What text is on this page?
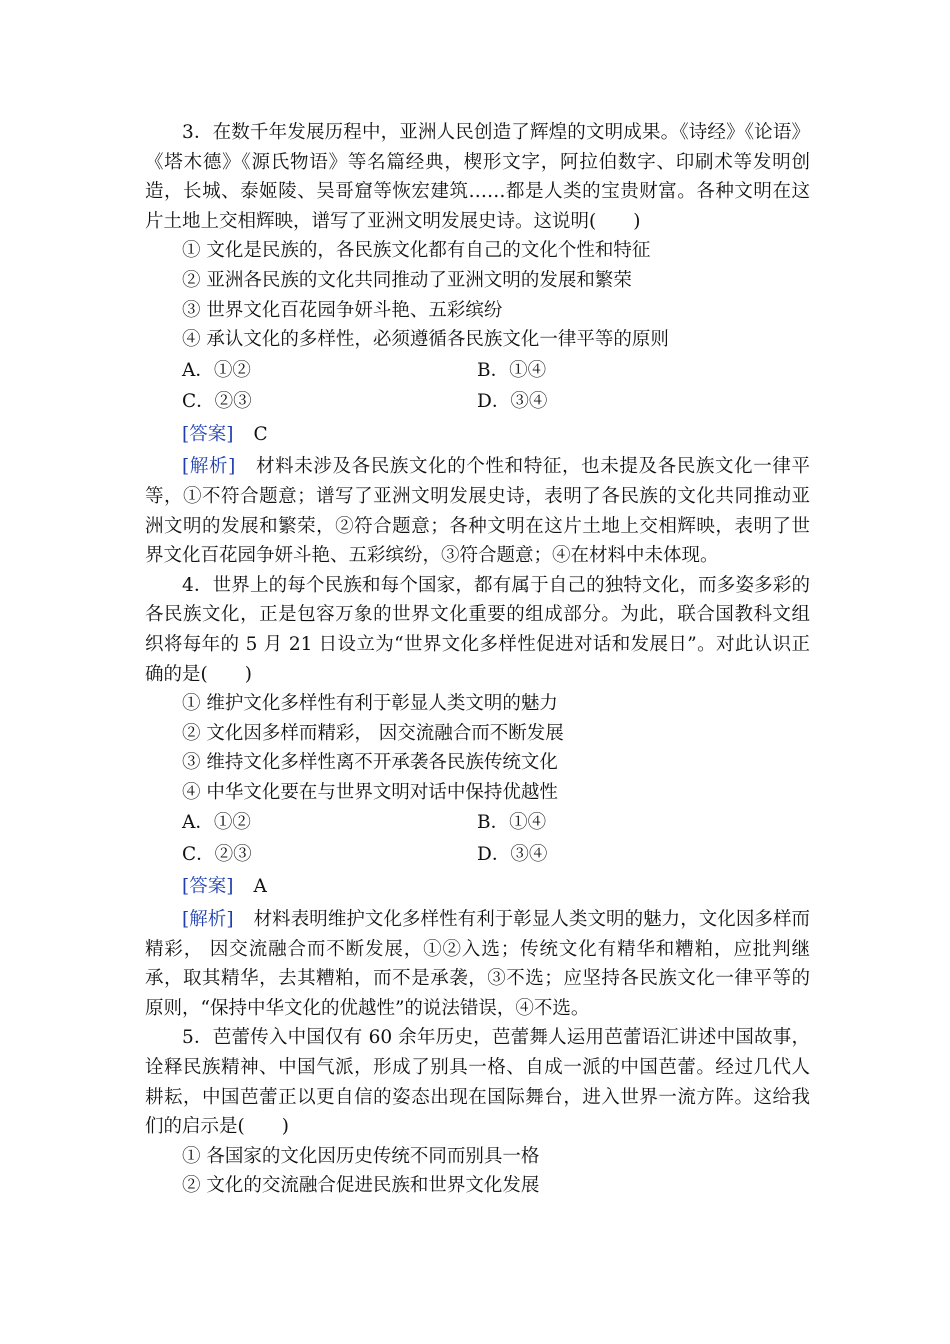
3．在数千年发展历程中，亚洲人民创造了辉煌的文明成果。《诗经》《论语》《塔木德》《源氏物语》等名篇经典，楔形文字，阿拉伯数字、印刷术等发明创造，长城、泰姬陵、吴哥窟等恢宏建筑……都是人类的宝贵财富。各种文明在这片土地上交相辉映，谱写了亚洲文明发展史诗。这说明(　　)

① 文化是民族的，各民族文化都有自己的文化个性和特征

② 亚洲各民族的文化共同推动了亚洲文明的发展和繁荣

③ 世界文化百花园争妍斗艳、五彩缤纷

④ 承认文化的多样性，必须遵循各民族文化一律平等的原则

A．①②	B．①④
C．②③	D．③④

[答案] C

[解析] 材料未涉及各民族文化的个性和特征，也未提及各民族文化一律平等，①不符合题意；谱写了亚洲文明发展史诗，表明了各民族的文化共同推动亚洲文明的发展和繁荣，②符合题意；各种文明在这片土地上交相辉映，表明了世界文化百花园争妍斗艳、五彩缤纷，③符合题意；④在材料中未体现。

4．世界上的每个民族和每个国家，都有属于自己的独特文化，而多姿多彩的各民族文化，正是包容万象的世界文化重要的组成部分。为此，联合国教科文组织将每年的 5 月 21 日设立为“世界文化多样性促进对话和发展日”。对此认识正确的是(　　)

① 维护文化多样性有利于彰显人类文明的魅力

② 文化因多样而精彩， 因交流融合而不断发展

③ 维持文化多样性离不开承袭各民族传统文化

④ 中华文化要在与世界文明对话中保持优越性

A．①②	B．①④
C．②③	D．③④

[答案] A

[解析] 材料表明维护文化多样性有利于彰显人类文明的魅力，文化因多样而精彩， 因交流融合而不断发展，①②入选；传统文化有精华和糟粕，应批判继承，取其精华，去其糟粕，而不是承袭，③不选；应坚持各民族文化一律平等的原则，“保持中华文化的优越性”的说法错误，④不选。

5．芭蕾传入中国仅有 60 余年历史，芭蕾舞人运用芭蕾语汇讲述中国故事，诠释民族精神、中国气派，形成了别具一格、自成一派的中国芭蕾。经过几代人耕耘，中国芭蕾正以更自信的姿态出现在国际舞台，进入世界一流方阵。这给我们的启示是(　　)

① 各国家的文化因历史传统不同而别具一格

② 文化的交流融合促进民族和世界文化发展
